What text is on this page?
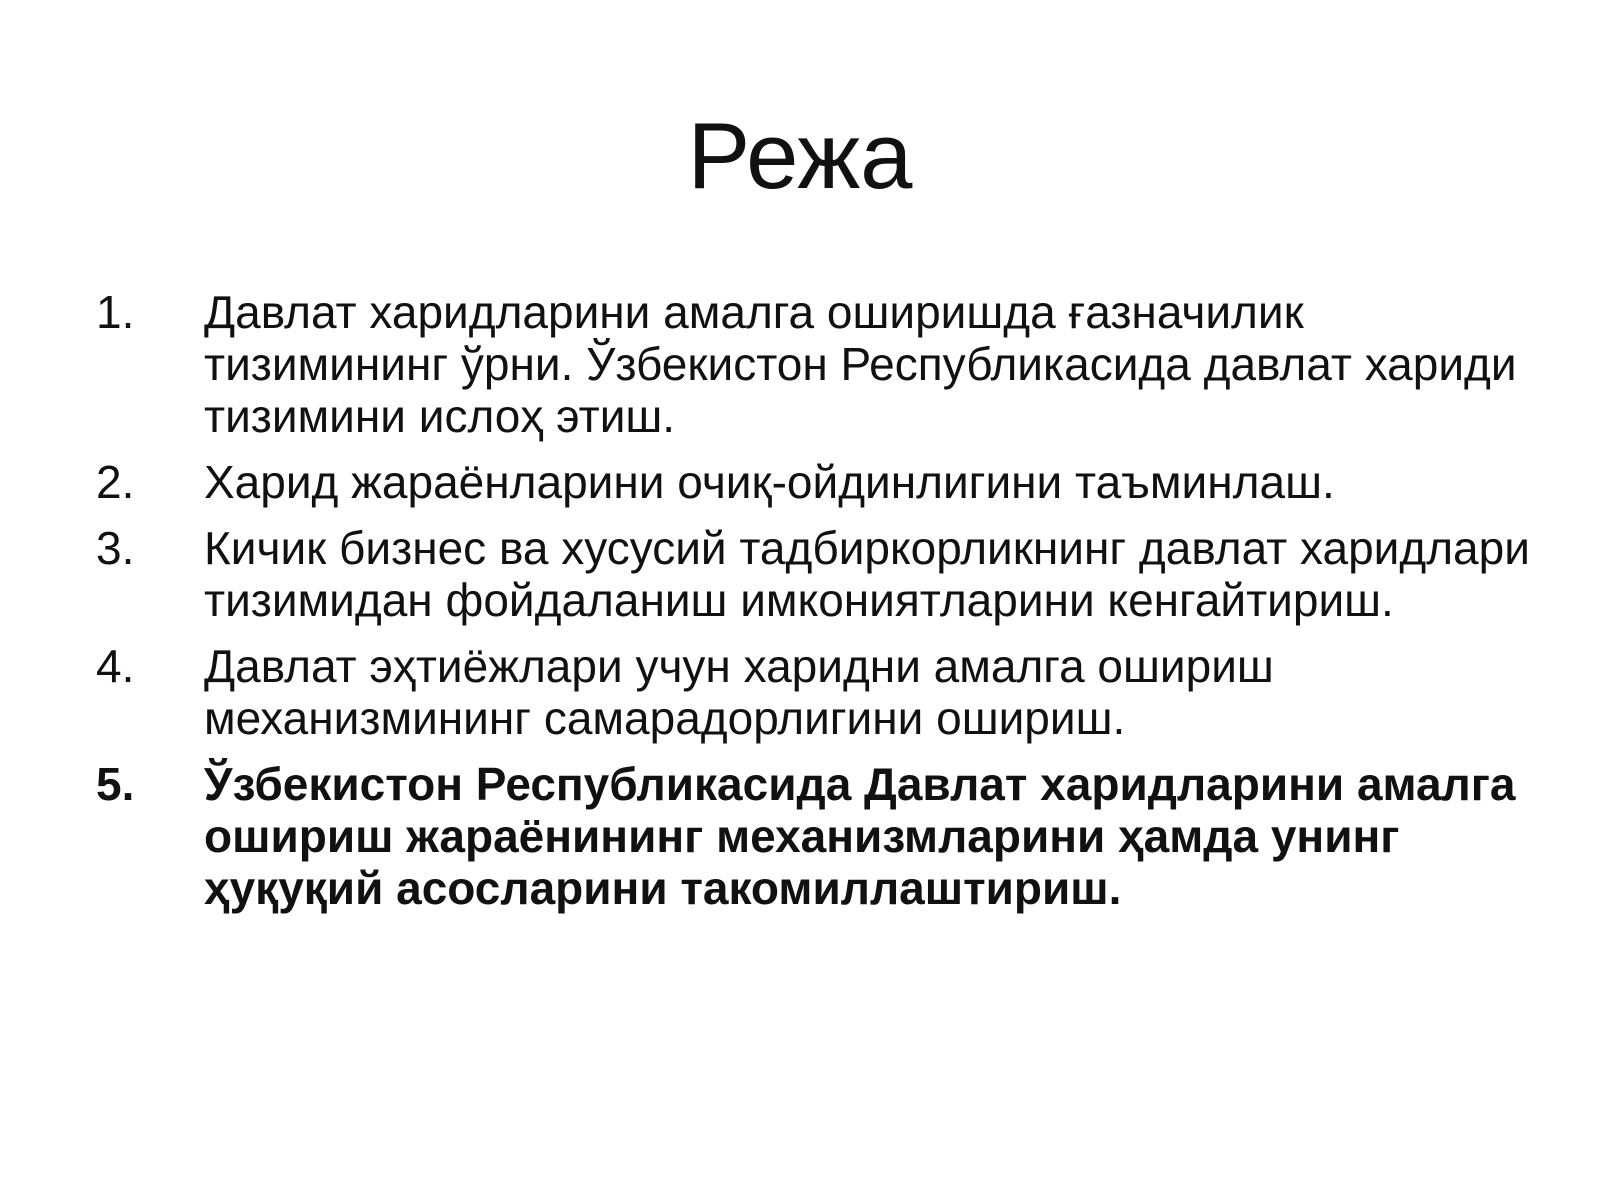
Режа
1. Давлат харидларини амалга оширишда ғазначилик тизимининг ўрни. Ўзбекистон Республикасида давлат хариди тизимини ислоҳ этиш.
2. Харид жараёнларини очиқ-ойдинлигини таъминлаш.
3. Кичик бизнес ва хусусий тадбиркорликнинг давлат харидлари тизимидан фойдаланиш имкониятларини кенгайтириш.
4. Давлат эҳтиёжлари учун харидни амалга ошириш механизмининг самарадорлигини ошириш.
5. Ўзбекистон Республикасида Давлат харидларини амалга ошириш жараёнининг механизмларини ҳамда унинг ҳуқуқий асосларини такомиллаштириш.
